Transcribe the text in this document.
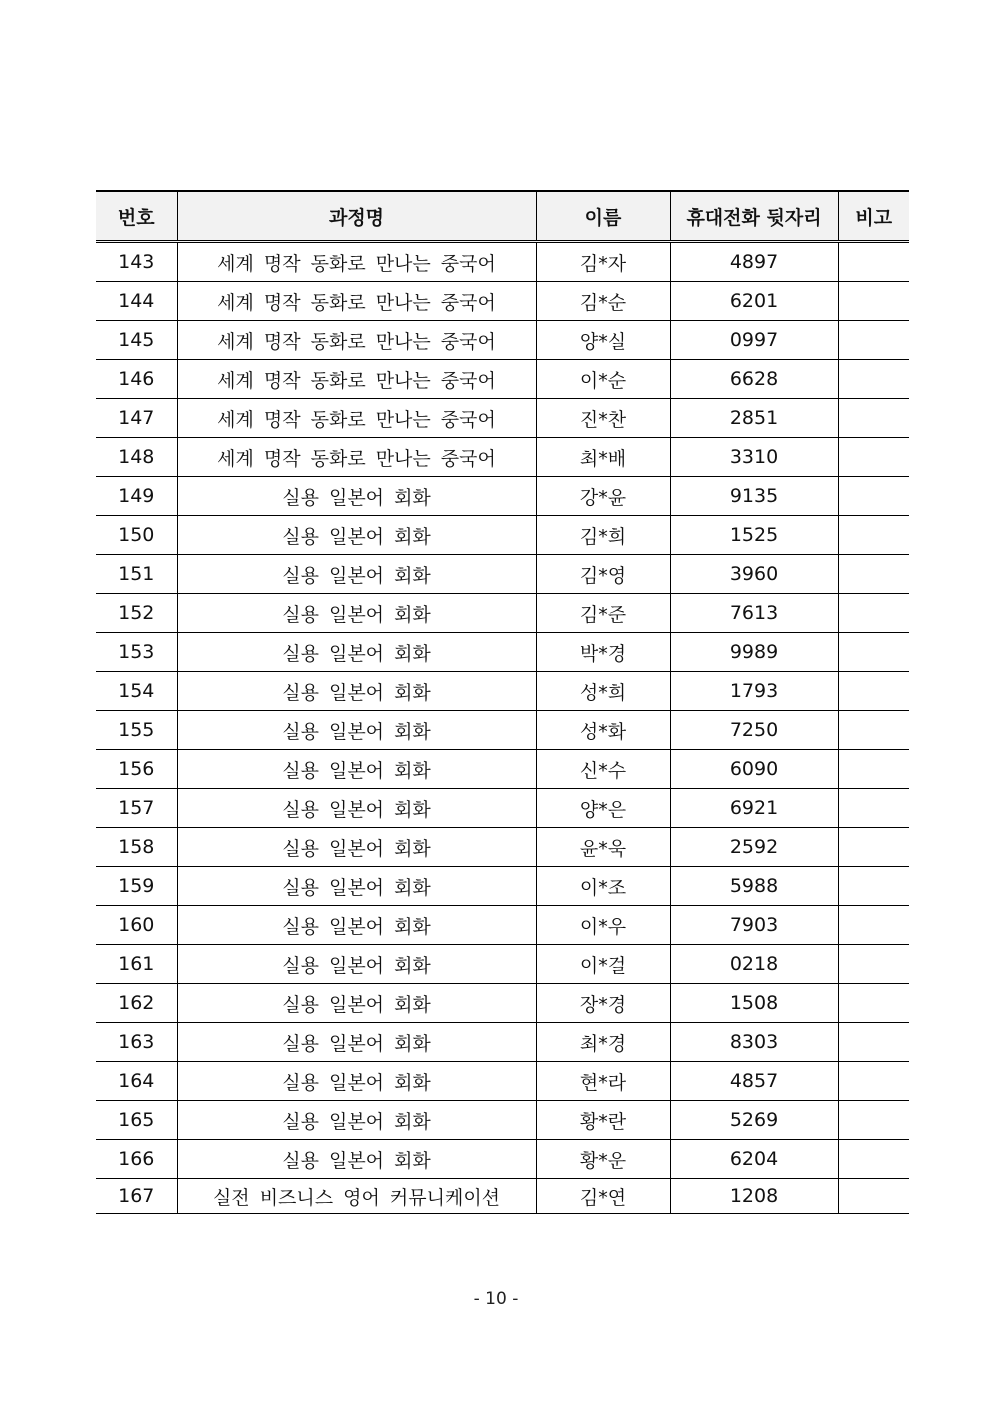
번호	과정명	이름	휴대전화 뒷자리	비고
143	세계 명작 동화로 만나는 중국어	김*자	4897	
144	세계 명작 동화로 만나는 중국어	김*순	6201	
145	세계 명작 동화로 만나는 중국어	양*실	0997	
146	세계 명작 동화로 만나는 중국어	이*순	6628	
147	세계 명작 동화로 만나는 중국어	진*찬	2851	
148	세계 명작 동화로 만나는 중국어	최*배	3310	
149	실용 일본어 회화	강*윤	9135	
150	실용 일본어 회화	김*희	1525	
151	실용 일본어 회화	김*영	3960	
152	실용 일본어 회화	김*준	7613	
153	실용 일본어 회화	박*경	9989	
154	실용 일본어 회화	성*희	1793	
155	실용 일본어 회화	성*화	7250	
156	실용 일본어 회화	신*수	6090	
157	실용 일본어 회화	양*은	6921	
158	실용 일본어 회화	윤*욱	2592	
159	실용 일본어 회화	이*조	5988	
160	실용 일본어 회화	이*우	7903	
161	실용 일본어 회화	이*걸	0218	
162	실용 일본어 회화	장*경	1508	
163	실용 일본어 회화	최*경	8303	
164	실용 일본어 회화	현*라	4857	
165	실용 일본어 회화	황*란	5269	
166	실용 일본어 회화	황*운	6204	
167	실전 비즈니스 영어 커뮤니케이션	김*연	1208	
- 10 -
